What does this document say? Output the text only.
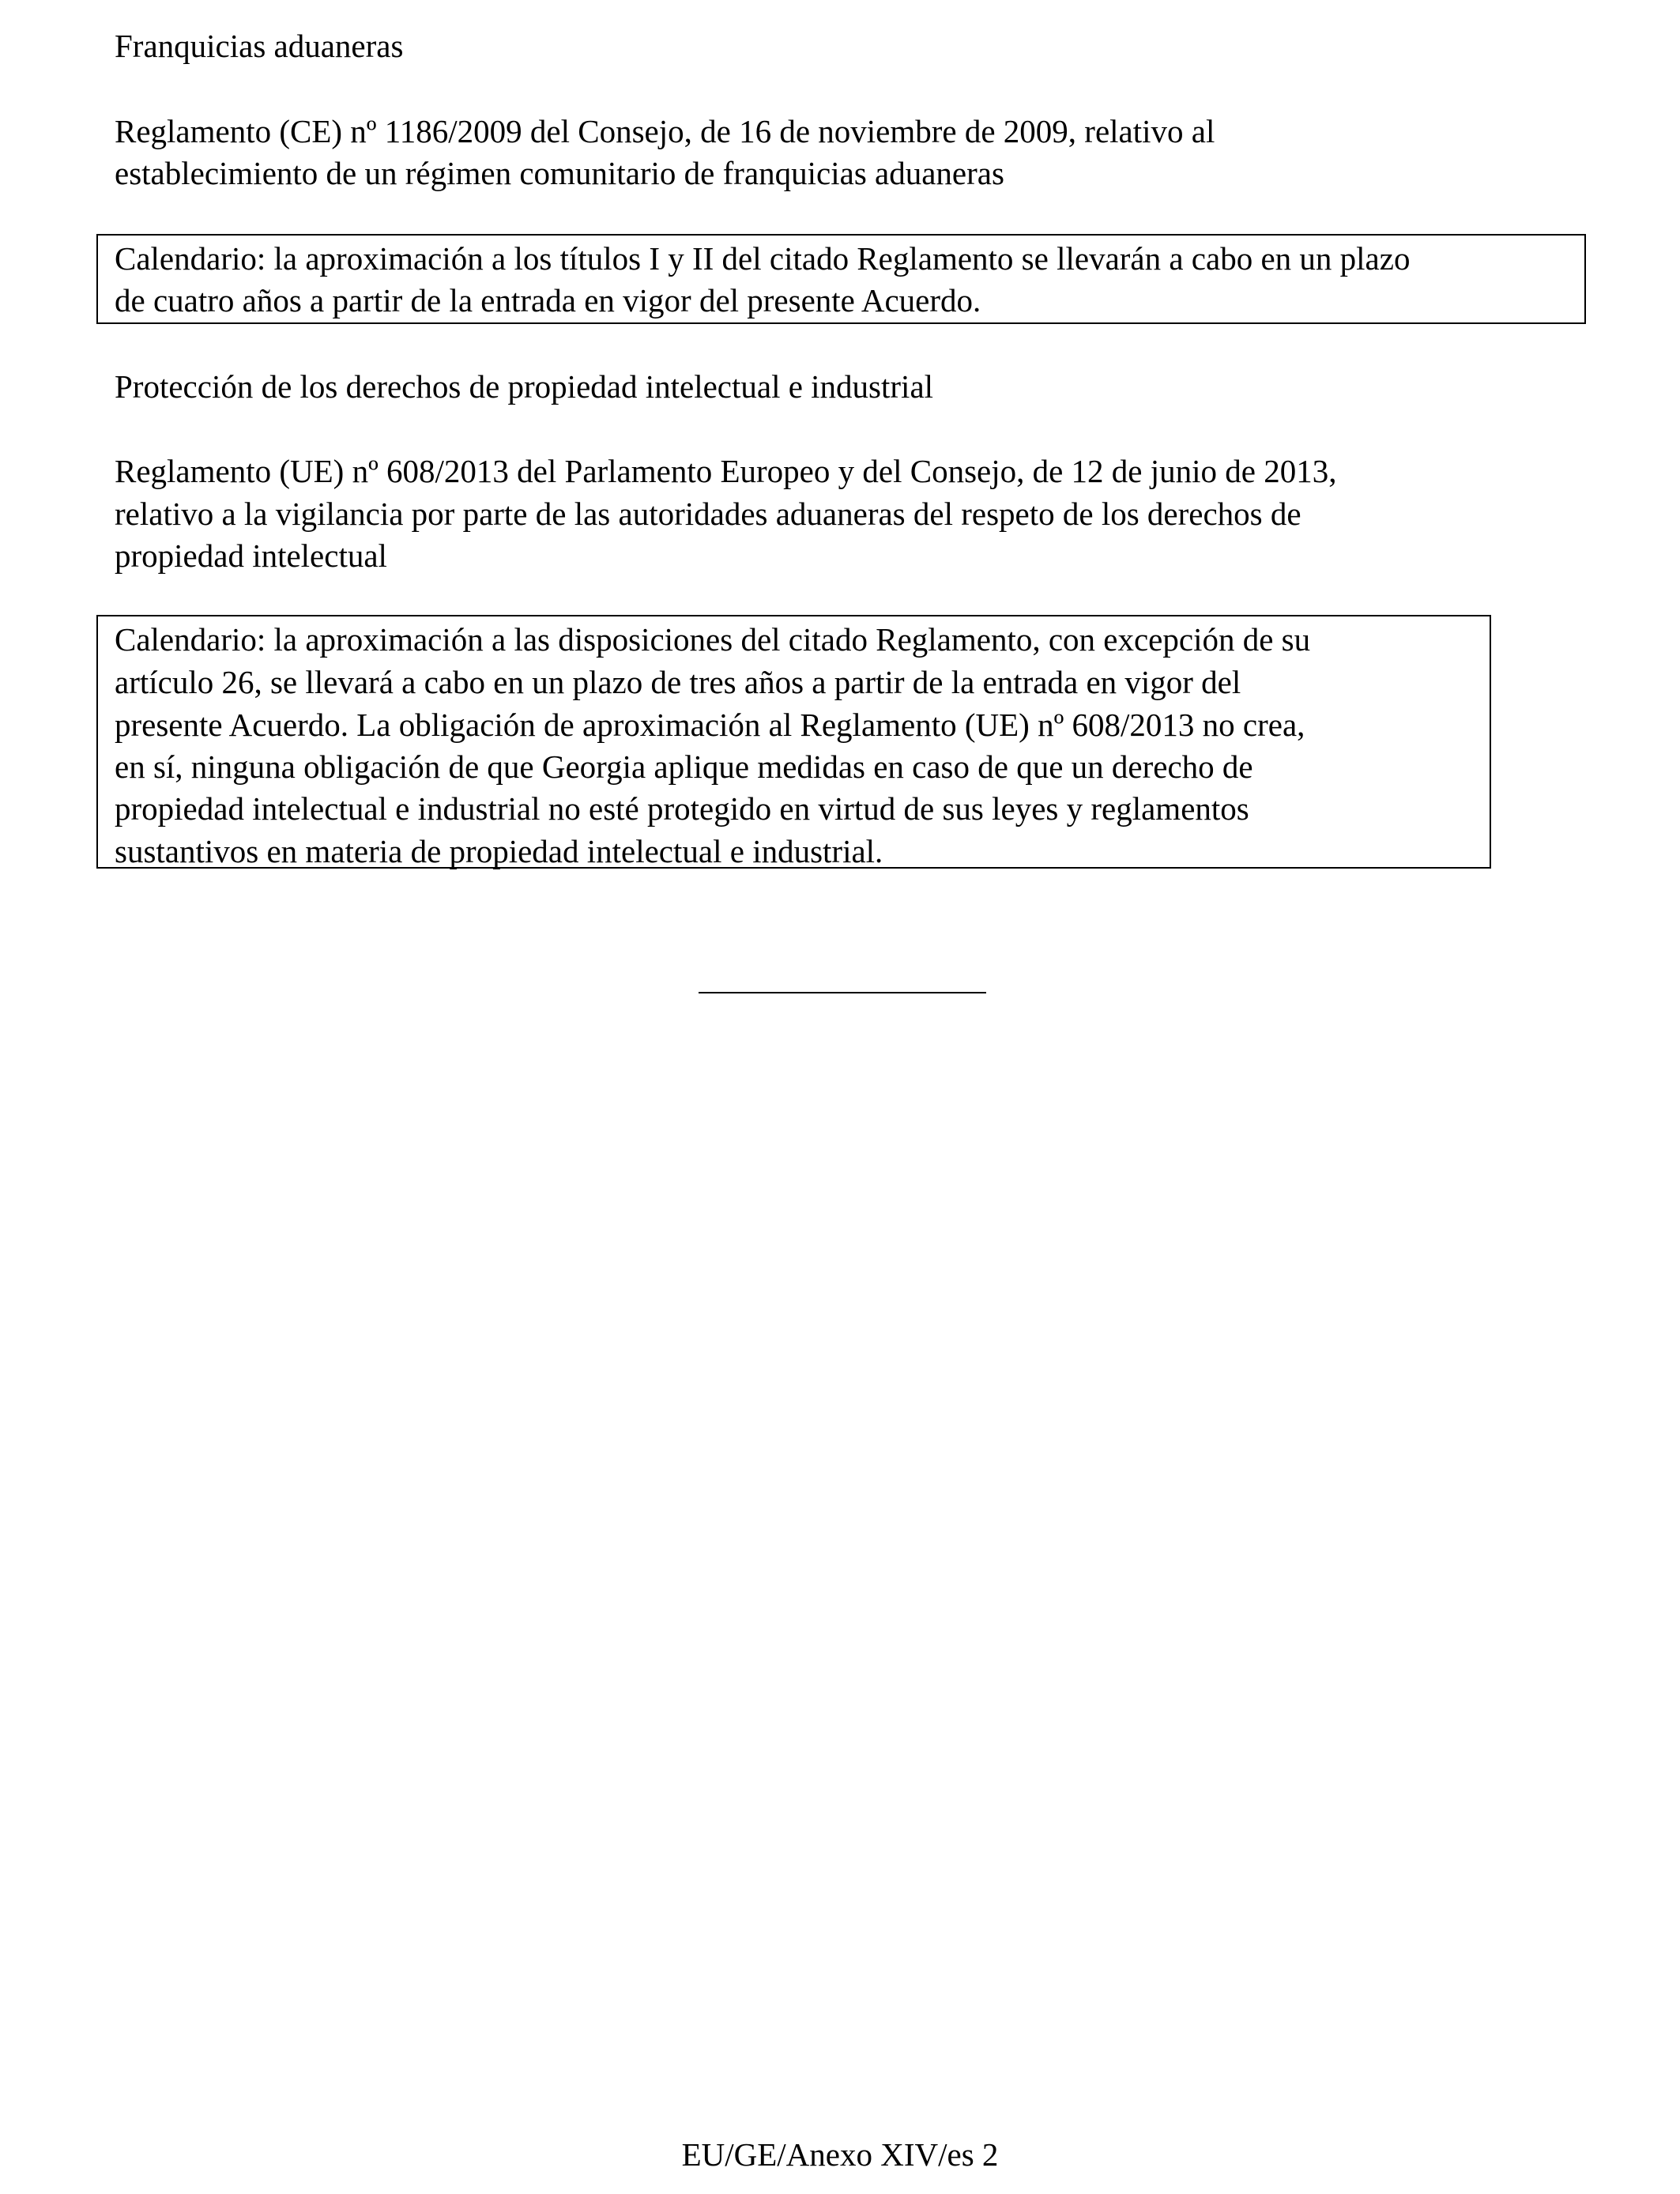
Franquicias aduaneras

Reglamento (CE) nº 1186/2009 del Consejo, de 16 de noviembre de 2009, relativo al

establecimiento de un régimen comunitario de franquicias aduaneras

Calendario: la aproximación a los títulos I y II del citado Reglamento se llevarán a cabo en un plazo

de cuatro años a partir de la entrada en vigor del presente Acuerdo.

Protección de los derechos de propiedad intelectual e industrial

Reglamento (UE) nº 608/2013 del Parlamento Europeo y del Consejo, de 12 de junio de 2013,

relativo a la vigilancia por parte de las autoridades aduaneras del respeto de los derechos de

propiedad intelectual

Calendario: la aproximación a las disposiciones del citado Reglamento, con excepción de su

artículo 26, se llevará a cabo en un plazo de tres años a partir de la entrada en vigor del

presente Acuerdo. La obligación de aproximación al Reglamento (UE) nº 608/2013 no crea,

en sí, ninguna obligación de que Georgia aplique medidas en caso de que un derecho de

propiedad intelectual e industrial no esté protegido en virtud de sus leyes y reglamentos

sustantivos en materia de propiedad intelectual e industrial.

EU/GE/Anexo XIV/es 2
